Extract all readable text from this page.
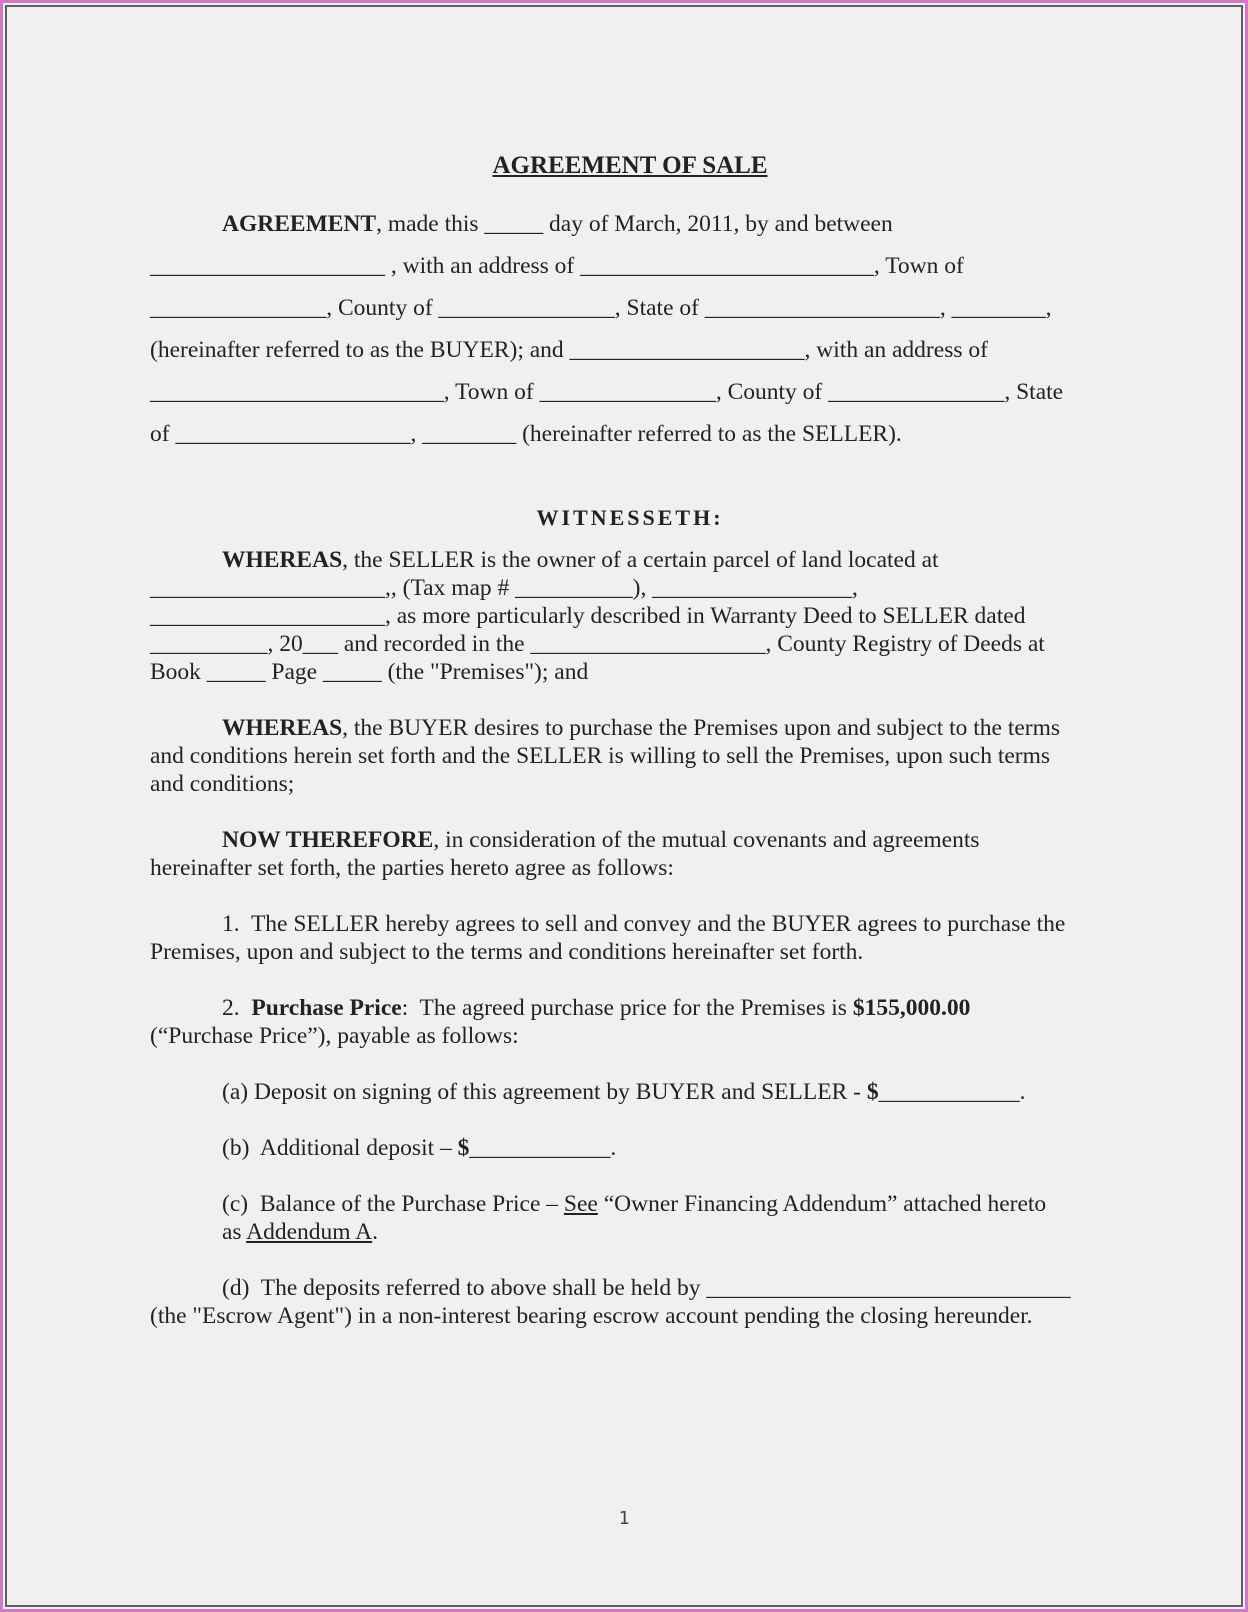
AGREEMENT OF SALE
AGREEMENT, made this _____ day of March, 2011, by and between
____________________ , with an address of _________________________, Town of
_______________, County of _______________, State of ____________________, ________,
(hereinafter referred to as the BUYER); and ____________________, with an address of
_________________________, Town of _______________, County of _______________, State
of ____________________, ________ (hereinafter referred to as the SELLER).
WITNESSETH:
WHEREAS, the SELLER is the owner of a certain parcel of land located at
____________________,, (Tax map # __________), _________________,
____________________, as more particularly described in Warranty Deed to SELLER dated
__________, 20___ and recorded in the ____________________, County Registry of Deeds at
Book _____ Page _____ (the "Premises"); and
WHEREAS, the BUYER desires to purchase the Premises upon and subject to the terms
and conditions herein set forth and the SELLER is willing to sell the Premises, upon such terms
and conditions;
NOW THEREFORE, in consideration of the mutual covenants and agreements
hereinafter set forth, the parties hereto agree as follows:
1.  The SELLER hereby agrees to sell and convey and the BUYER agrees to purchase the
Premises, upon and subject to the terms and conditions hereinafter set forth.
2.  Purchase Price:  The agreed purchase price for the Premises is $155,000.00
(“Purchase Price”), payable as follows:
(a) Deposit on signing of this agreement by BUYER and SELLER - $____________.
(b)  Additional deposit – $____________.
(c)  Balance of the Purchase Price – See “Owner Financing Addendum” attached hereto
as Addendum A.
(d)  The deposits referred to above shall be held by _______________________________
(the "Escrow Agent") in a non-interest bearing escrow account pending the closing hereunder.
1
